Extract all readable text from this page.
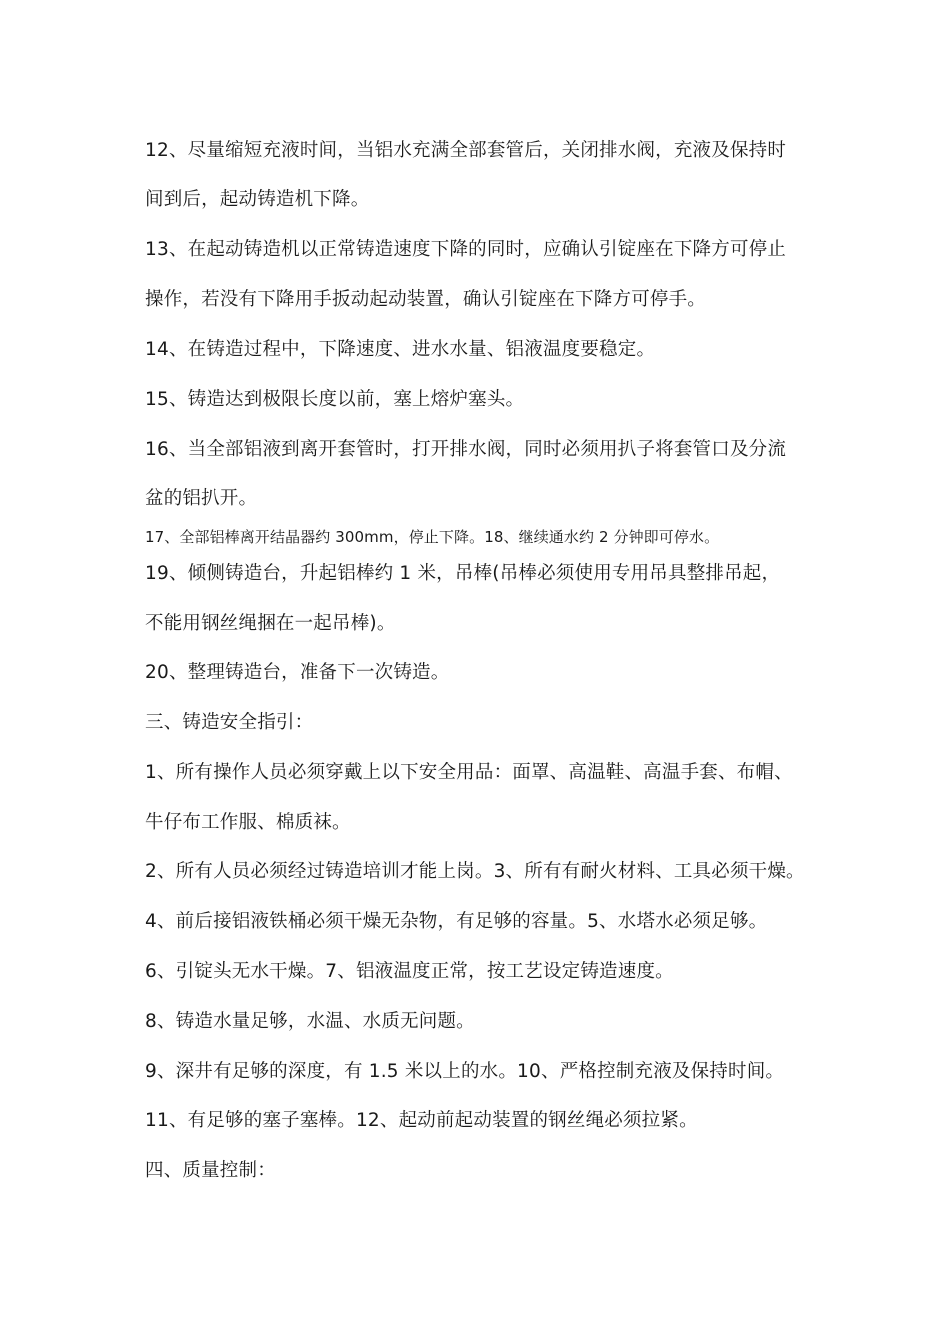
12、尽量缩短充液时间，当铝水充满全部套管后，关闭排水阀，充液及保持时
间到后，起动铸造机下降。
13、在起动铸造机以正常铸造速度下降的同时，应确认引锭座在下降方可停止
操作，若没有下降用手扳动起动装置，确认引锭座在下降方可停手。
14、在铸造过程中，下降速度、进水水量、铝液温度要稳定。
15、铸造达到极限长度以前，塞上熔炉塞头。
16、当全部铝液到离开套管时，打开排水阀，同时必须用扒子将套管口及分流
盆的铝扒开。
17、全部铝棒离开结晶器约 300mm，停止下降。18、继续通水约 2 分钟即可停水。
19、倾侧铸造台，升起铝棒约 1 米，吊棒(吊棒必须使用专用吊具整排吊起，
不能用钢丝绳捆在一起吊棒)。
20、整理铸造台，准备下一次铸造。
三、铸造安全指引：
1、所有操作人员必须穿戴上以下安全用品：面罩、高温鞋、高温手套、布帽、
牛仔布工作服、棉质袜。
2、所有人员必须经过铸造培训才能上岗。3、所有有耐火材料、工具必须干燥。
4、前后接铝液铁桶必须干燥无杂物，有足够的容量。5、水塔水必须足够。
6、引锭头无水干燥。7、铝液温度正常，按工艺设定铸造速度。
8、铸造水量足够，水温、水质无问题。
9、深井有足够的深度，有 1.5 米以上的水。10、严格控制充液及保持时间。
11、有足够的塞子塞棒。12、起动前起动装置的钢丝绳必须拉紧。
四、质量控制：
